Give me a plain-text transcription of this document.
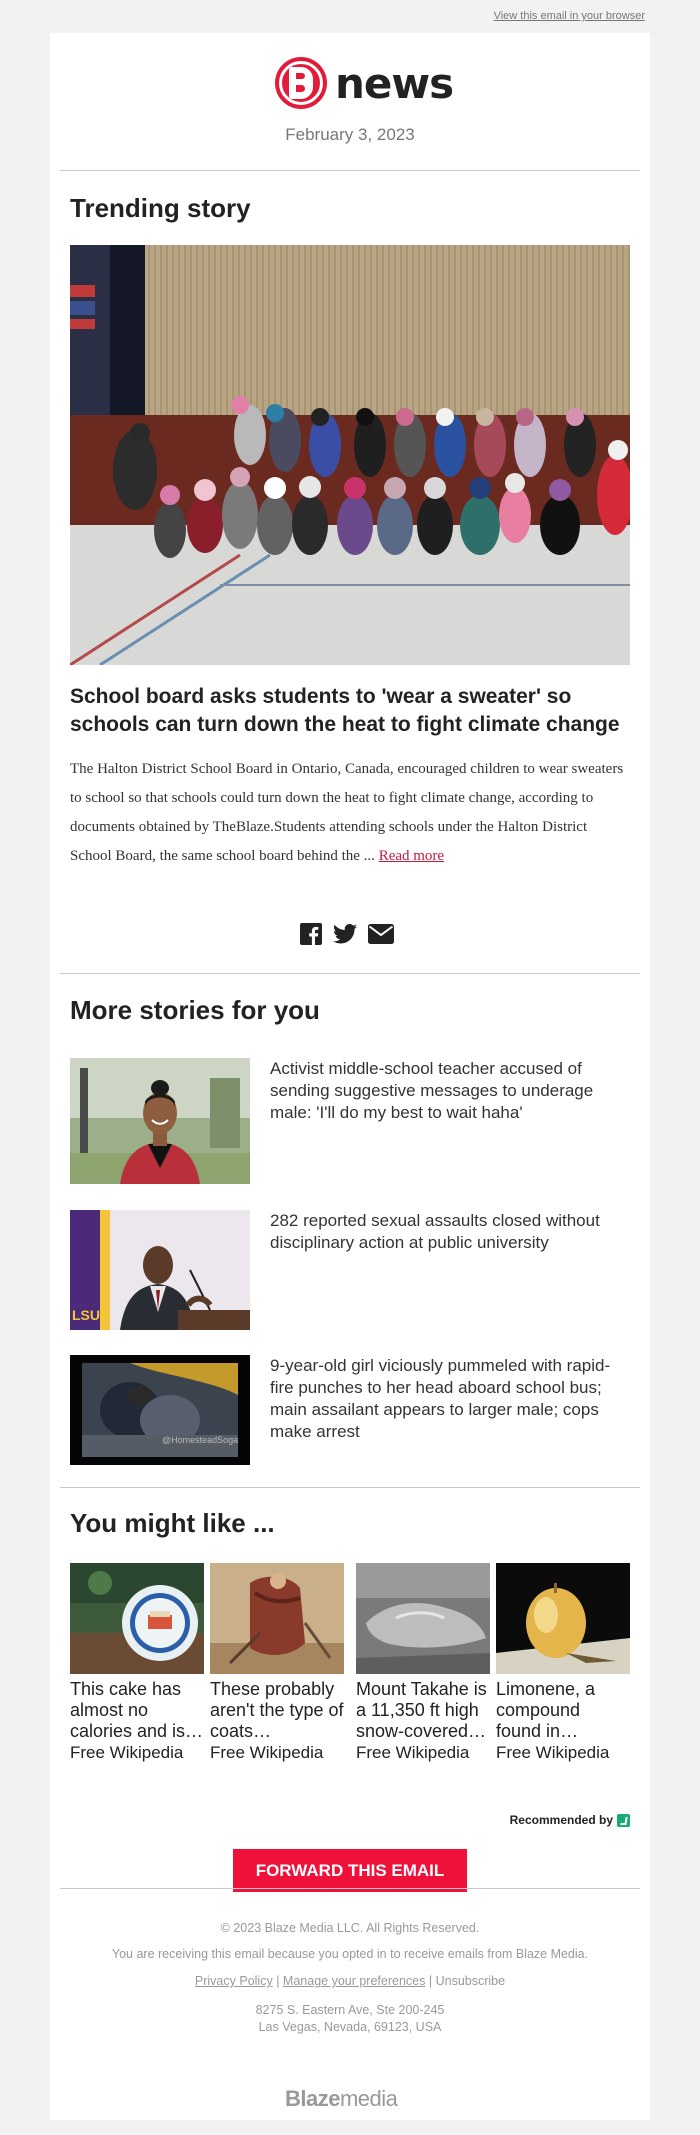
View this email in your browser
news
February 3, 2023
Trending story
School board asks students to 'wear a sweater' so schools can turn down the heat to fight climate change
The Halton District School Board in Ontario, Canada, encouraged children to wear sweaters to school so that schools could turn down the heat to fight climate change, according to documents obtained by TheBlaze.Students attending schools under the Halton District School Board, the same school board behind the ... Read more
More stories for you
Activist middle-school teacher accused of sending suggestive messages to underage male: 'I'll do my best to wait haha'
LSU
282 reported sexual assaults closed without disciplinary action at public university
@HomesteadSoga
9-year-old girl viciously pummeled with rapid-fire punches to her head aboard school bus; main assailant appears to larger male; cops make arrest
You might like ...
This cake has almost no calories and is…
Free Wikipedia
These probably aren't the type of coats…
Free Wikipedia
Mount Takahe is a 11,350 ft high snow-covered…
Free Wikipedia
Limonene, a compound found in
Free Wikipedia
Recommended by
FORWARD THIS EMAIL
© 2023 Blaze Media LLC. All Rights Reserved.
You are receiving this email because you opted in to receive emails from Blaze Media.
Privacy Policy | Manage your preferences | Unsubscribe
8275 S. Eastern Ave, Ste 200-245
Las Vegas, Nevada, 69123, USA
Blazemedia
